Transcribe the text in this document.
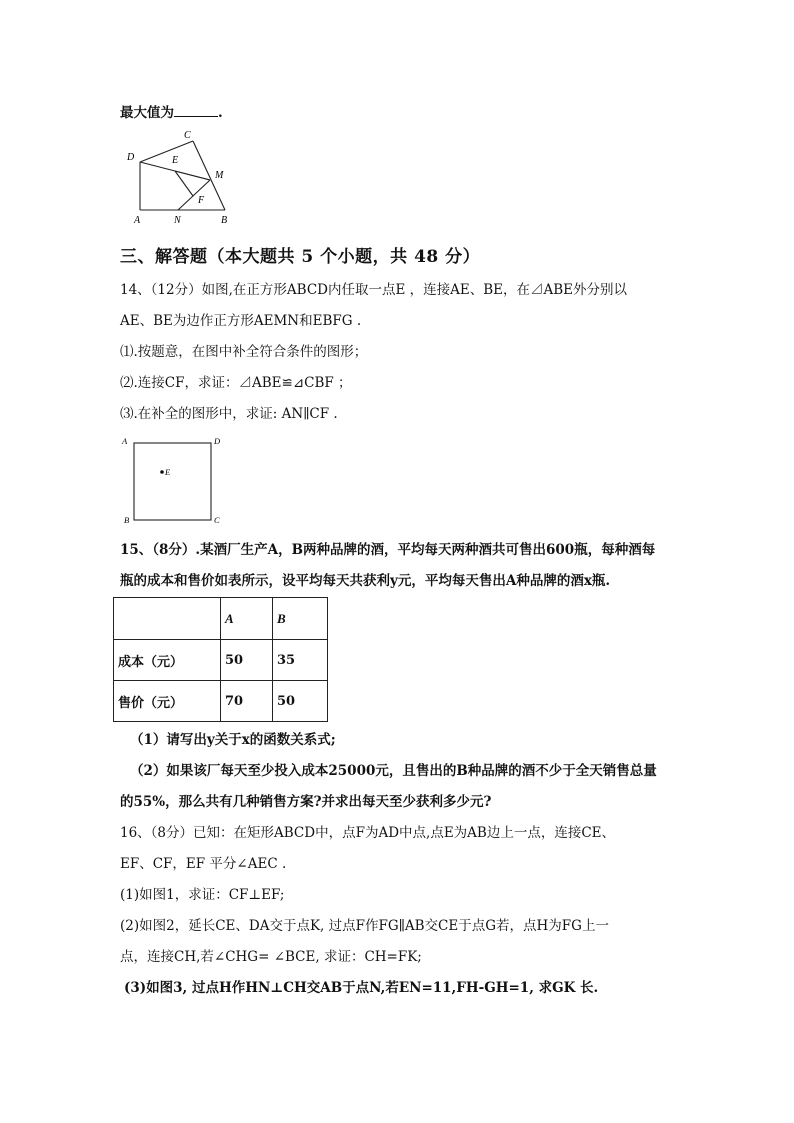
最大值为	.
C
D	E
M
F
A	N	B
三、解答题（本大题共 5 个小题，共 48 分）
14、（12分）如图,在正方形ABCD内任取一点E ，连接AE、BE，在⊿ABE外分别以
AE、BE为边作正方形AEMN和EBFG .
⑴.按题意，在图中补全符合条件的图形；
⑵.连接CF，求证：⊿ABE≌⊿CBF ；
⑶.在补全的图形中，求证: AN∥CF .
A	D
B	C
E
15、（8分）.某酒厂生产A，B两种品牌的酒，平均每天两种酒共可售出600瓶，每种酒每
瓶的成本和售价如表所示，设平均每天共获利y元，平均每天售出A种品牌的酒x瓶.
	A	B
成本（元）	50	35
售价（元）	70	50
（1）请写出y关于x的函数关系式;
（2）如果该厂每天至少投入成本25000元，且售出的B种品牌的酒不少于全天销售总量
的55%，那么共有几种销售方案?并求出每天至少获利多少元?
16、（8分）已知：在矩形ABCD中，点F为AD中点,点E为AB边上一点，连接CE、
EF、CF，EF 平分∠AEC .
(1)如图1，求证：CF⊥EF;
(2)如图2，延长CE、DA交于点K, 过点F作FG∥AB交CE于点G若，点H为FG上一
点，连接CH,若∠CHG= ∠BCE, 求证：CH=FK;
(3)如图3, 过点H作HN⊥CH交AB于点N,若EN=11,FH-GH=1, 求GK 长.
